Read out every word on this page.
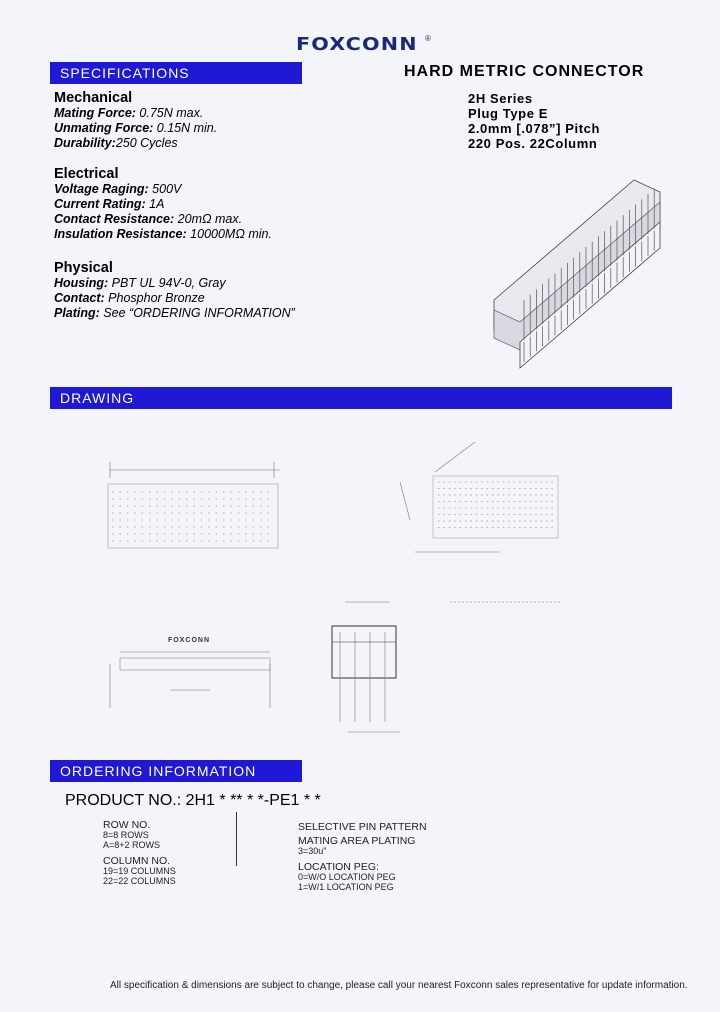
FOXCONN ®
SPECIFICATIONS
DRAWING
ORDERING INFORMATION
HARD METRIC CONNECTOR
2H Series
Plug Type E
2.0mm [.078”] Pitch
220 Pos. 22Column
Mechanical
Mating Force: 0.75N max.
Unmating Force: 0.15N min.
Durability:250 Cycles
Electrical
Voltage Raging: 500V
Current Rating: 1A
Contact Resistance: 20mΩ max.
Insulation Resistance: 10000MΩ min.
Physical
Housing: PBT UL 94V-0, Gray
Contact: Phosphor Bronze
Plating: See “ORDERING INFORMATION”
FOXCONN
PRODUCT NO.: 2H1 * ** * *-PE1 * *
ROW NO.
8=8 ROWS
A=8+2 ROWS
COLUMN NO.
19=19 COLUMNS
22=22 COLUMNS
SELECTIVE PIN PATTERN
MATING AREA PLATING
3=30u"
LOCATION PEG:
0=W/O LOCATION PEG
1=W/1 LOCATION PEG
All specification & dimensions are subject to change, please call your nearest Foxconn sales representative for update information.
